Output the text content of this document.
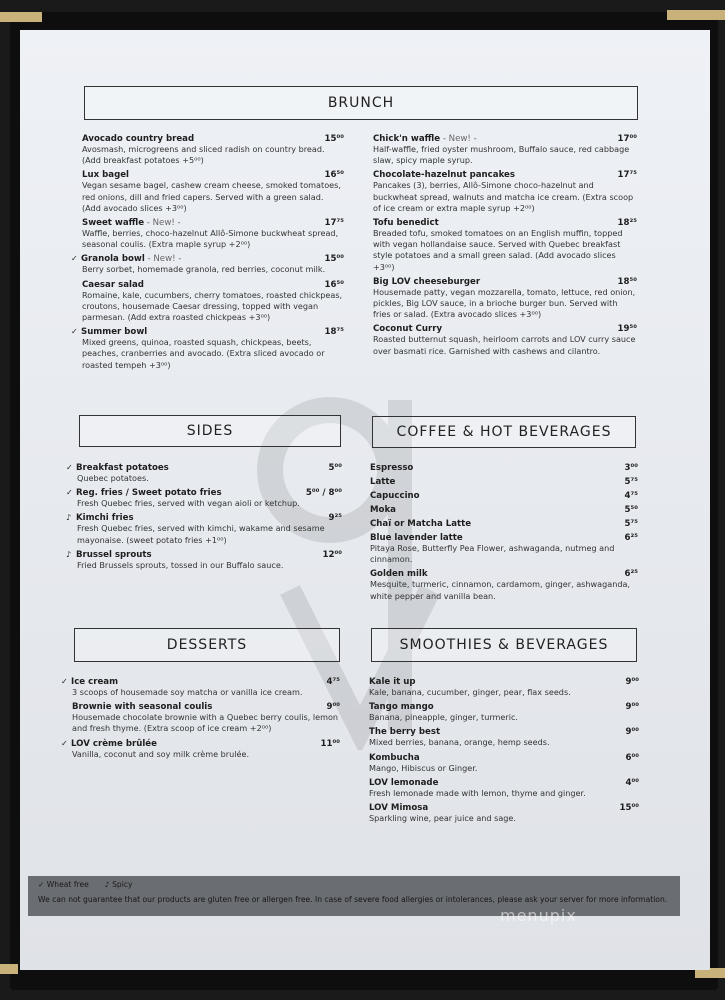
BRUNCH
SIDES	COFFEE & HOT BEVERAGES
DESSERTS	SMOOTHIES & BEVERAGES
Avocado country bread	15⁰⁰
Avosmash, microgreens and sliced radish on country bread. (Add breakfast potatoes +5⁰⁰)
Lux bagel	16⁵⁰
Vegan sesame bagel, cashew cream cheese, smoked tomatoes, red onions, dill and fried capers. Served with a green salad. (Add avocado slices +3⁰⁰)
Sweet waffle - New! -	17⁷⁵
Waffle, berries, choco-hazelnut Allô-Simone buckwheat spread, seasonal coulis. (Extra maple syrup +2⁰⁰)
✓ Granola bowl - New! -	15⁰⁰
Berry sorbet, homemade granola, red berries, coconut milk.
Caesar salad	16⁵⁰
Romaine, kale, cucumbers, cherry tomatoes, roasted chickpeas, croutons, housemade Caesar dressing, topped with vegan parmesan. (Add extra roasted chickpeas +3⁰⁰)
✓ Summer bowl	18⁷⁵
Mixed greens, quinoa, roasted squash, chickpeas, beets, peaches, cranberries and avocado. (Extra sliced avocado or roasted tempeh +3⁰⁰)
Chick'n waffle - New! -	17⁰⁰
Half-waffle, fried oyster mushroom, Buffalo sauce, red cabbage slaw, spicy maple syrup.
Chocolate-hazelnut pancakes	17⁷⁵
Pancakes (3), berries, Allô-Simone choco-hazelnut and buckwheat spread, walnuts and matcha ice cream. (Extra scoop of ice cream or extra maple syrup +2⁰⁰)
Tofu benedict	18²⁵
Breaded tofu, smoked tomatoes on an English muffin, topped with vegan hollandaise sauce. Served with Quebec breakfast style potatoes and a small green salad. (Add avocado slices +3⁰⁰)
Big LOV cheeseburger	18⁵⁰
Housemade patty, vegan mozzarella, tomato, lettuce, red onion, pickles, Big LOV sauce, in a brioche burger bun. Served with fries or salad. (Extra avocado slices +3⁰⁰)
Coconut Curry	19⁵⁰
Roasted butternut squash, heirloom carrots and LOV curry sauce over basmati rice. Garnished with cashews and cilantro.
✓ Breakfast potatoes	5⁰⁰
Quebec potatoes.
✓ Reg. fries / Sweet potato fries	5⁰⁰ / 8⁰⁰
Fresh Quebec fries, served with vegan aioli or ketchup.
♪ Kimchi fries	9²⁵
Fresh Quebec fries, served with kimchi, wakame and sesame mayonaise. (sweet potato fries +1⁰⁰)
♪ Brussel sprouts	12⁰⁰
Fried Brussels sprouts, tossed in our Buffalo sauce.
Espresso	3⁰⁰
Latte	5⁷⁵
Capuccino	4⁷⁵
Moka	5⁵⁰
Chaï or Matcha Latte	5⁷⁵
Blue lavender latte	6²⁵
Pitaya Rose, Butterfly Pea Flower, ashwaganda, nutmeg and cinnamon.
Golden milk	6²⁵
Mesquite, turmeric, cinnamon, cardamom, ginger, ashwaganda, white pepper and vanilla bean.
✓ Ice cream	4⁷⁵
3 scoops of housemade soy matcha or vanilla ice cream.
Brownie with seasonal coulis	9⁰⁰
Housemade chocolate brownie with a Quebec berry coulis, lemon and fresh thyme. (Extra scoop of ice cream +2⁰⁰)
✓ LOV crème brûlée	11⁰⁰
Vanilla, coconut and soy milk crème brulée.
Kale it up	9⁰⁰
Kale, banana, cucumber, ginger, pear, flax seeds.
Tango mango	9⁰⁰
Banana, pineapple, ginger, turmeric.
The berry best	9⁰⁰
Mixed berries, banana, orange, hemp seeds.
Kombucha	6⁰⁰
Mango, Hibiscus or Ginger.
LOV lemonade	4⁰⁰
Fresh lemonade made with lemon, thyme and ginger.
LOV Mimosa	15⁰⁰
Sparkling wine, pear juice and sage.
✓ Wheat free ♪ Spicy
We can not guarantee that our products are gluten free or allergen free. In case of severe food allergies or intolerances, please ask your server for more information.
menupix
